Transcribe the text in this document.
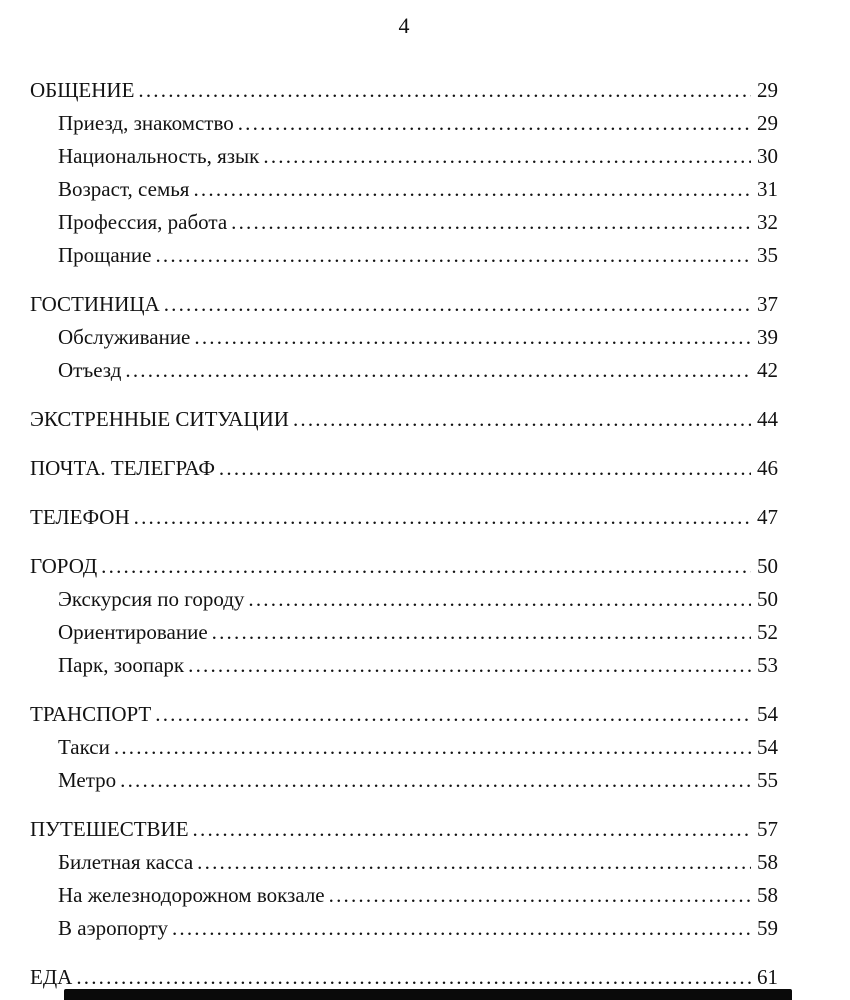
4
ОБЩЕНИЕ .....	29
Приезд, знакомство .....	29
Национальность, язык .....	30
Возраст, семья .....	31
Профессия, работа .....	32
Прощание .....	35
ГОСТИНИЦА .....	37
Обслуживание .....	39
Отъезд .....	42
ЭКСТРЕННЫЕ СИТУАЦИИ .....	44
ПОЧТА. ТЕЛЕГРАФ .....	46
ТЕЛЕФОН .....	47
ГОРОД .....	50
Экскурсия по городу .....	50
Ориентирование .....	52
Парк, зоопарк .....	53
ТРАНСПОРТ .....	54
Такси .....	54
Метро .....	55
ПУТЕШЕСТВИЕ .....	57
Билетная касса .....	58
На железнодорожном вокзале .....	58
В аэропорту .....	59
ЕДА .....	61
